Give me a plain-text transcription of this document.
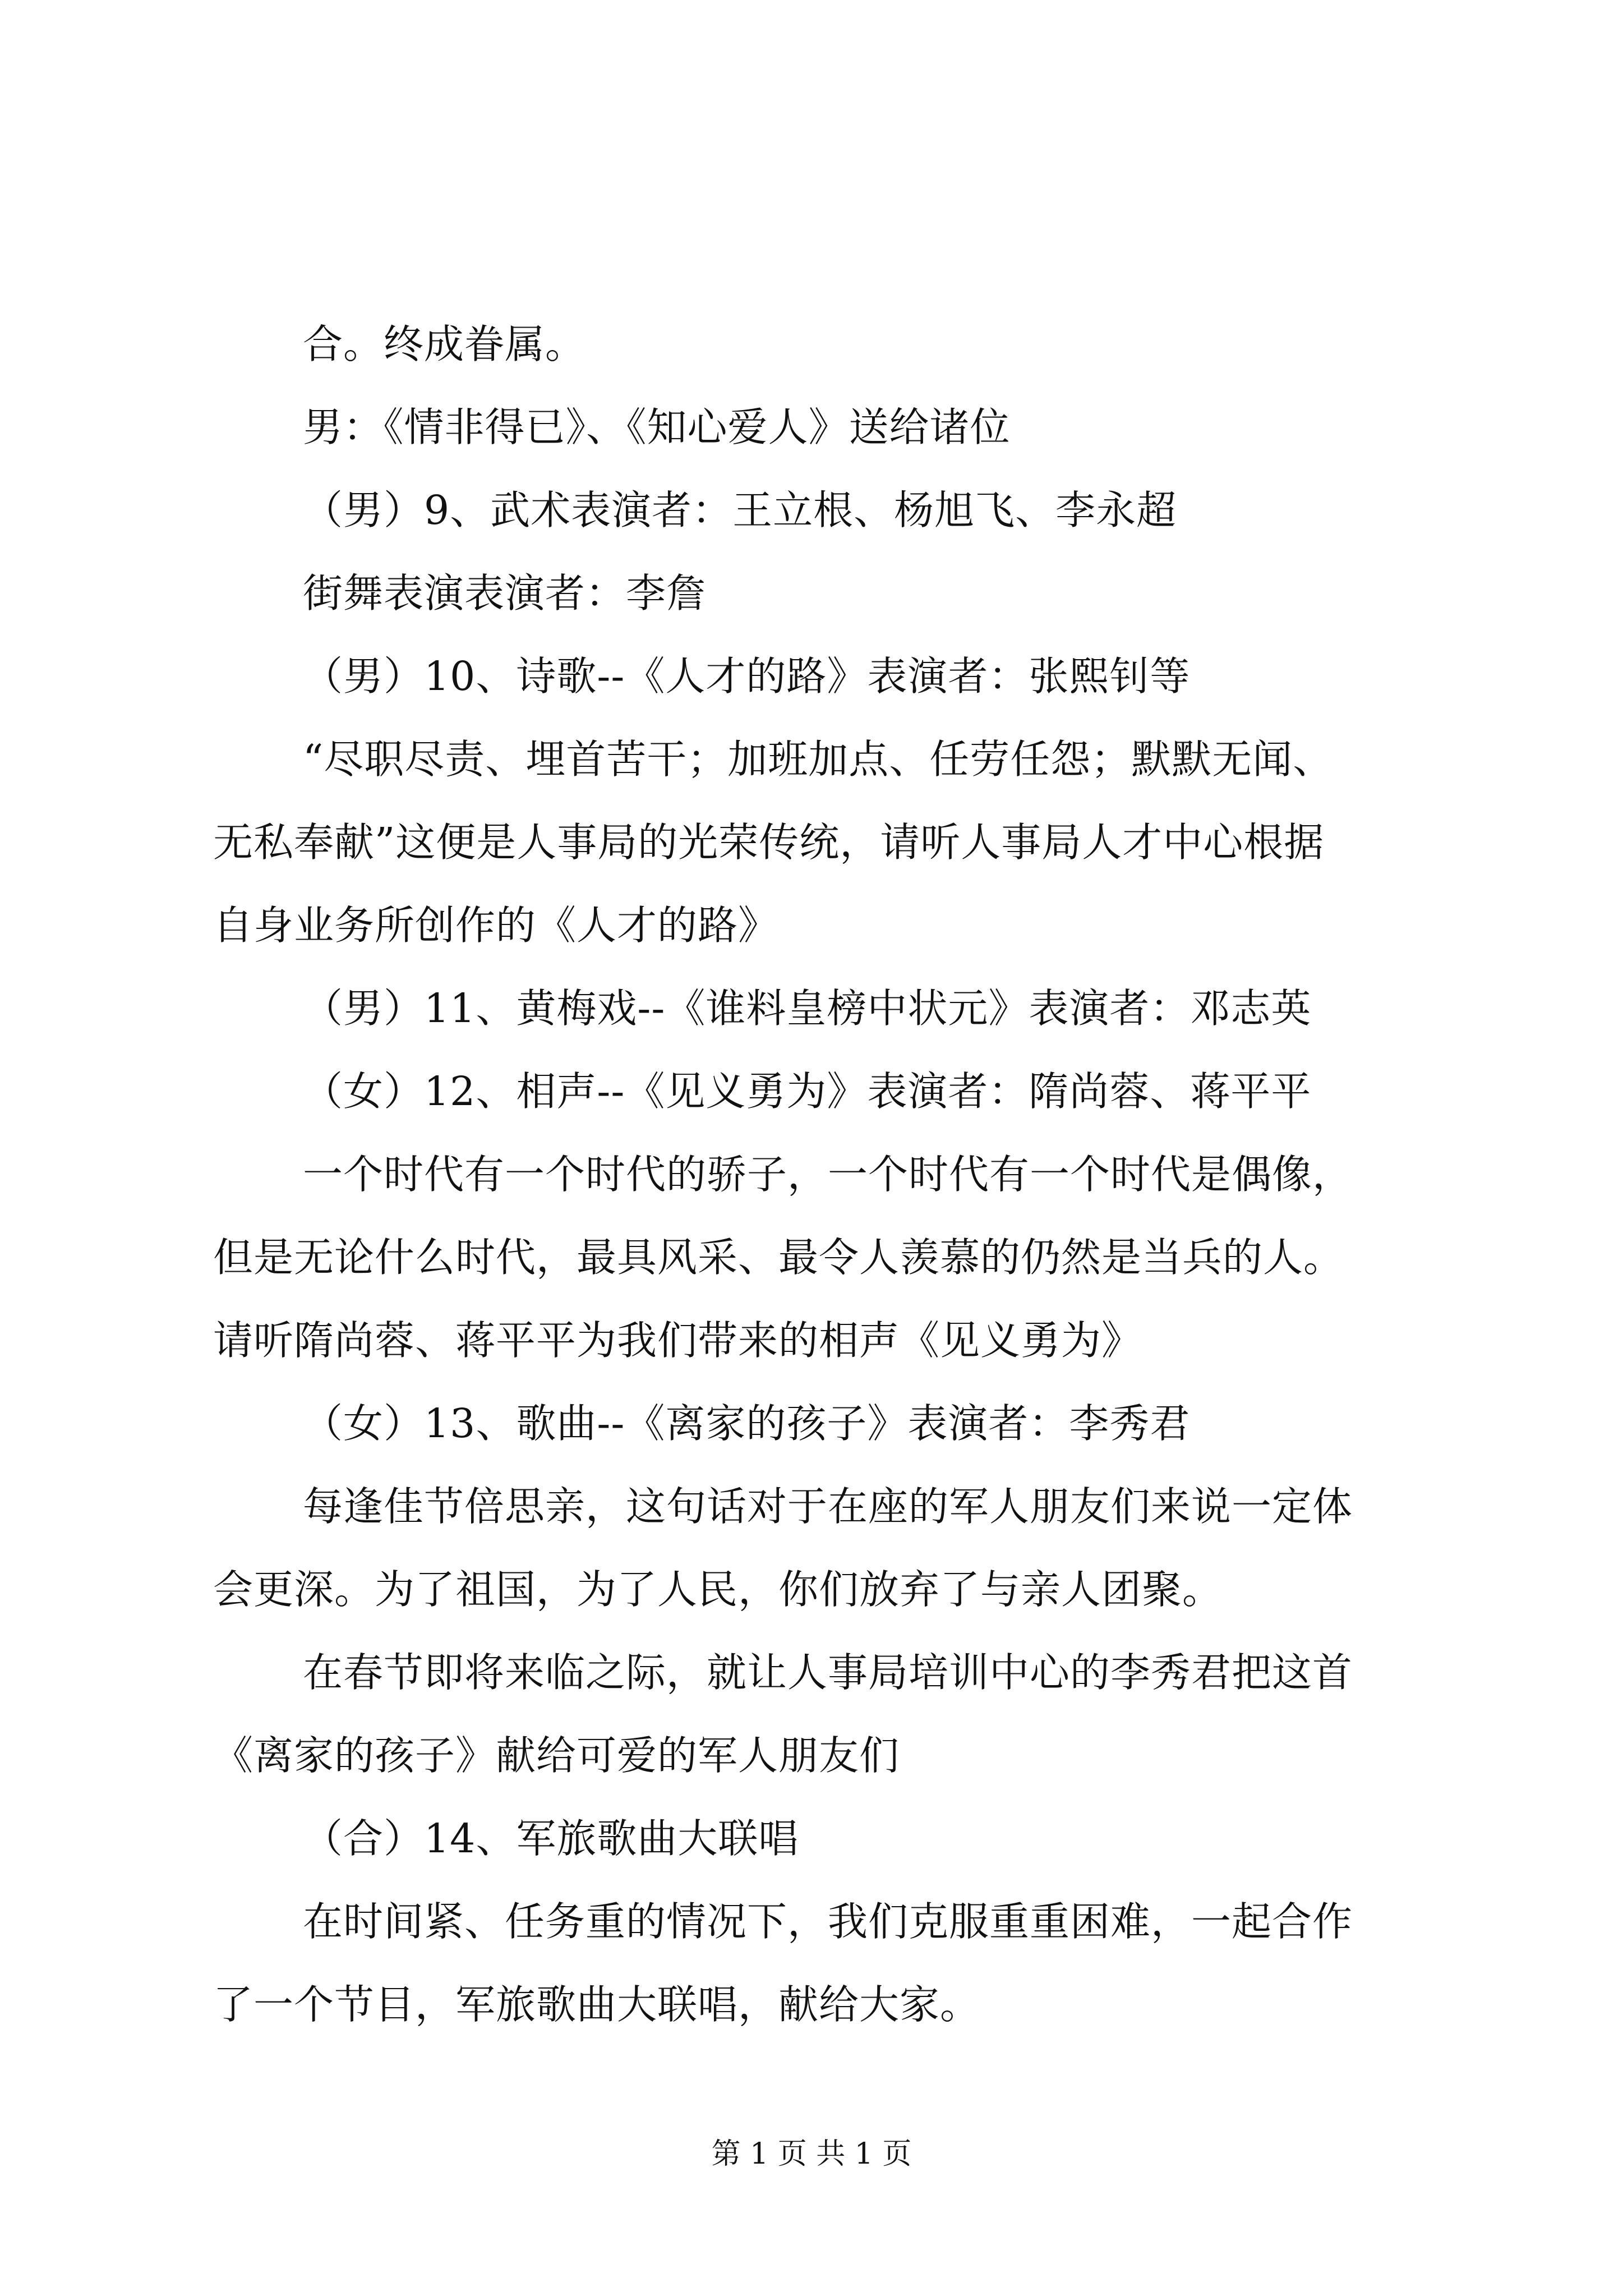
合。终成眷属。
男：《情非得已》、《知心爱人》送给诸位
（男）9、武术表演者：王立根、杨旭飞、李永超
街舞表演表演者：李詹
（男）10、诗歌--《人才的路》表演者：张熙钊等
“尽职尽责、埋首苦干；加班加点、任劳任怨；默默无闻、
无私奉献”这便是人事局的光荣传统，请听人事局人才中心根据
自身业务所创作的《人才的路》
（男）11、黄梅戏--《谁料皇榜中状元》表演者：邓志英
（女）12、相声--《见义勇为》表演者：隋尚蓉、蒋平平
一个时代有一个时代的骄子，一个时代有一个时代是偶像，
但是无论什么时代，最具风采、最令人羡慕的仍然是当兵的人。
请听隋尚蓉、蒋平平为我们带来的相声《见义勇为》
（女）13、歌曲--《离家的孩子》表演者：李秀君
每逢佳节倍思亲，这句话对于在座的军人朋友们来说一定体
会更深。为了祖国，为了人民，你们放弃了与亲人团聚。
在春节即将来临之际，就让人事局培训中心的李秀君把这首
《离家的孩子》献给可爱的军人朋友们
（合）14、军旅歌曲大联唱
在时间紧、任务重的情况下，我们克服重重困难，一起合作
了一个节目，军旅歌曲大联唱，献给大家。
第 1 页 共 1 页
